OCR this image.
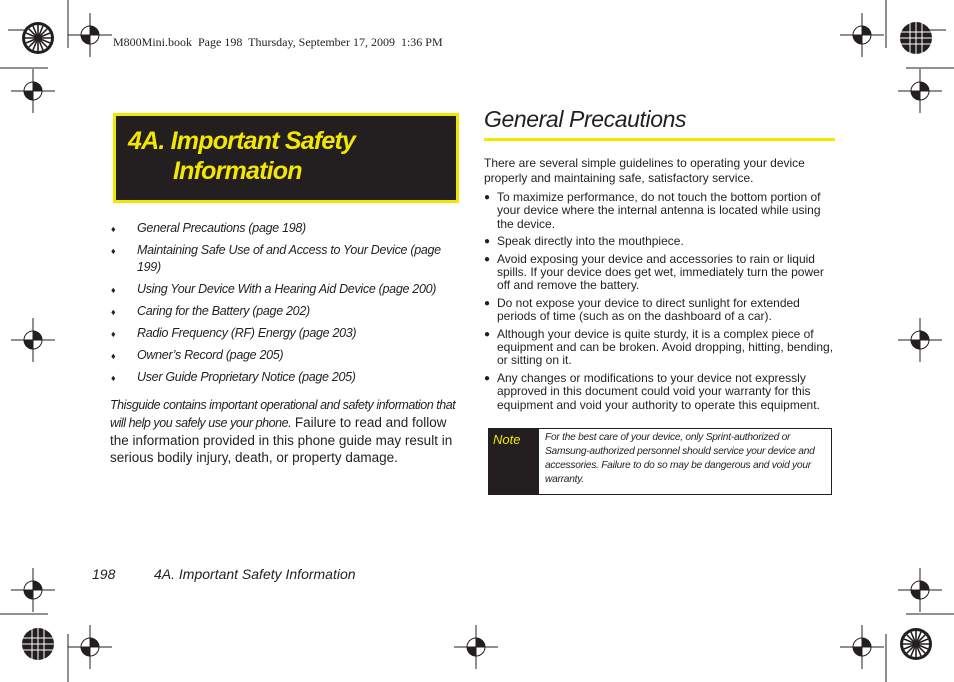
M800Mini.book  Page 198  Thursday, September 17, 2009  1:36 PM
4A. Important Safety
Information
♦ General Precautions (page 198)
♦ Maintaining Safe Use of and Access to Your Device (page 199)
♦ Using Your Device With a Hearing Aid Device (page 200)
♦ Caring for the Battery (page 202)
♦ Radio Frequency (RF) Energy (page 203)
♦ Owner’s Record (page 205)
♦ User Guide Proprietary Notice (page 205)
Thisguide contains important operational and safety information that will help you safely use your phone. Failure to read and follow the information provided in this phone guide may result in serious bodily injury, death, or property damage.
General Precautions
There are several simple guidelines to operating your device properly and maintaining safe, satisfactory service.
● To maximize performance, do not touch the bottom portion of your device where the internal antenna is located while using the device.
● Speak directly into the mouthpiece.
● Avoid exposing your device and accessories to rain or liquid spills. If your device does get wet, immediately turn the power off and remove the battery.
● Do not expose your device to direct sunlight for extended periods of time (such as on the dashboard of a car).
● Although your device is quite sturdy, it is a complex piece of equipment and can be broken. Avoid dropping, hitting, bending, or sitting on it.
● Any changes or modifications to your device not expressly approved in this document could void your warranty for this equipment and void your authority to operate this equipment.
Note	For the best care of your device, only Sprint-authorized or Samsung-authorized personnel should service your device and accessories. Failure to do so may be dangerous and void your warranty.
198	4A. Important Safety Information
